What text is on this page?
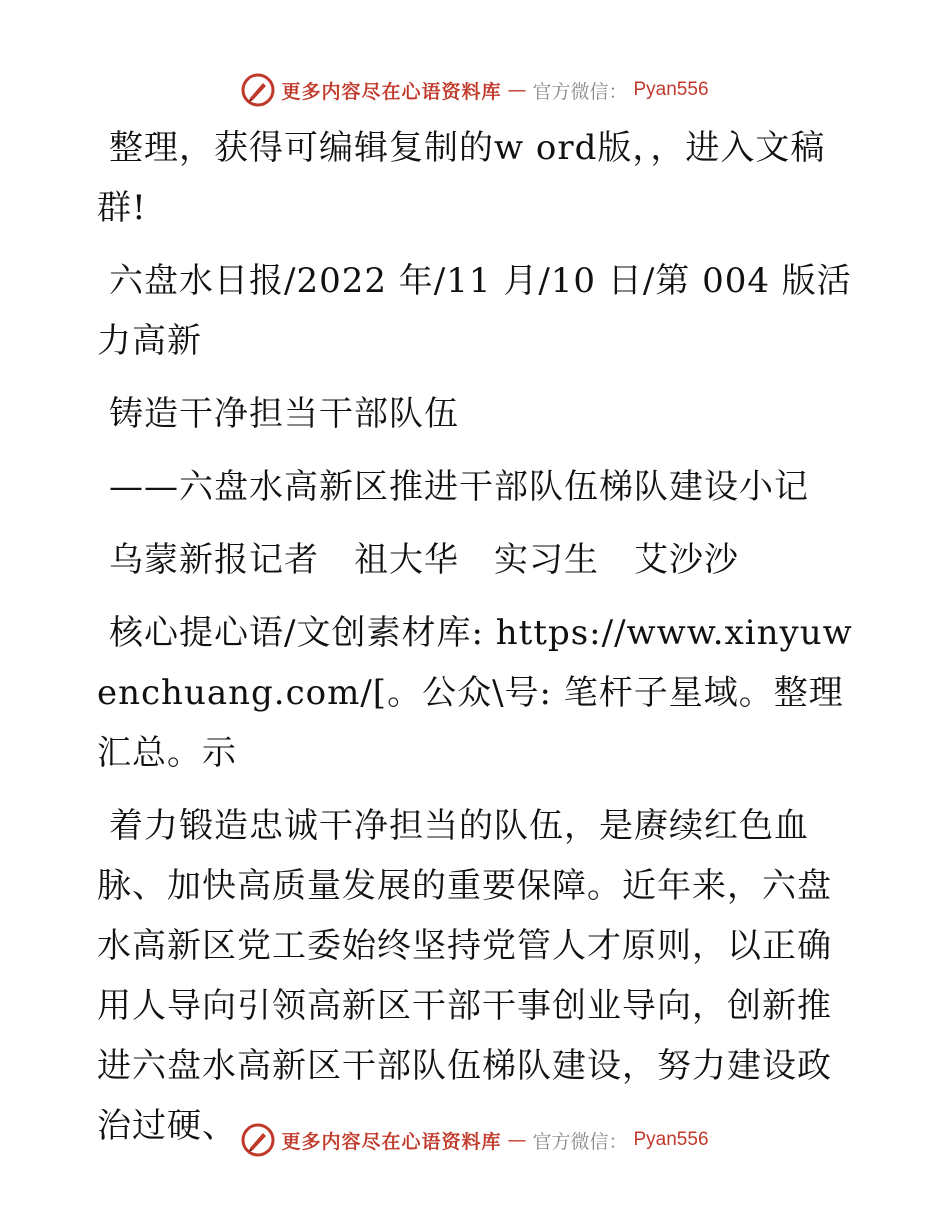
更多内容尽在心语资料库 — 官方微信： Pyan556

整理，获得可编辑复制的w ord版，，进入文稿群!

六盘水日报/2022 年/11 月/10 日/第 004 版活力高新

铸造干净担当干部队伍

——六盘水高新区推进干部队伍梯队建设小记

乌蒙新报记者　祖大华　实习生　艾沙沙

核心提心语/文创素材库: https://www.xinyuwenchuang.com/[。公众\号: 笔杆子星域。整理汇总。示

着力锻造忠诚干净担当的队伍，是赓续红色血脉、加快高质量发展的重要保障。近年来，六盘水高新区党工委始终坚持党管人才原则，以正确用人导向引领高新区干部干事创业导向，创新推进六盘水高新区干部队伍梯队建设，努力建设政治过硬、	更多内容尽在心语资料库 — 官方微信： Pyan556
